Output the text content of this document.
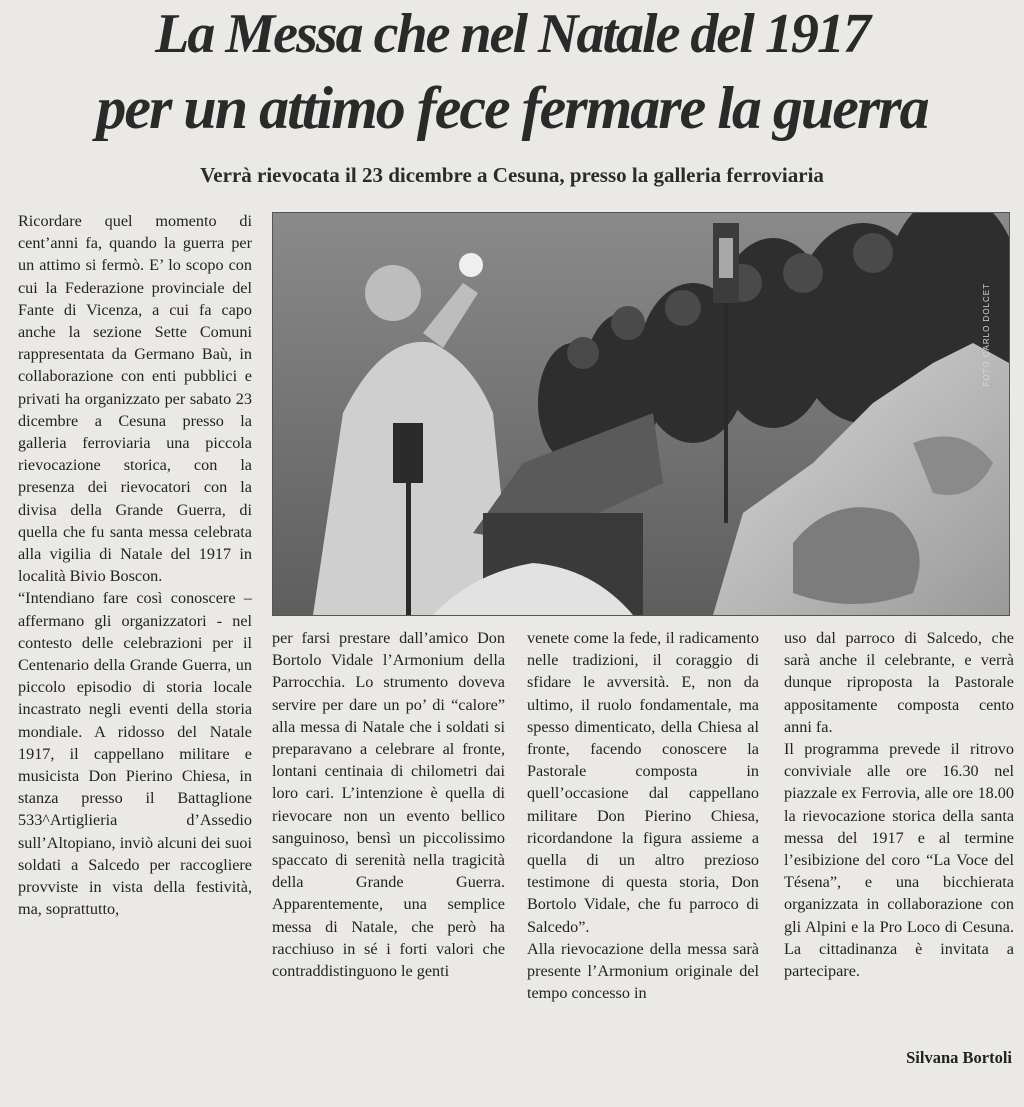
La Messa che nel Natale del 1917
per un attimo fece fermare la guerra
Verrà rievocata il 23 dicembre a Cesuna, presso la galleria ferroviaria

Ricordare quel momento di cent’anni fa, quando la guerra per un attimo si fermò. E’ lo scopo con cui la Federazione provinciale del Fante di Vicenza, a cui fa capo anche la sezione Sette Comuni rappresentata da Germano Baù, in collaborazione con enti pubblici e privati ha organizzato per sabato 23 dicembre a Cesuna presso la galleria ferroviaria una piccola rievocazione storica, con la presenza dei rievocatori con la divisa della Grande Guerra, di quella che fu santa messa celebrata alla vigilia di Natale del 1917 in località Bivio Boscon.

“Intendiano fare così conoscere – affermano gli organizzatori - nel contesto delle celebrazioni per il Centenario della Grande Guerra, un piccolo episodio di storia locale incastrato negli eventi della storia mondiale. A ridosso del Natale 1917, il cappellano militare e musicista Don Pierino Chiesa, in stanza presso il Battaglione 533^Artiglieria d’Assedio sull’Altopiano, inviò alcuni dei suoi soldati a Salcedo per raccogliere provviste in vista della festività, ma, soprattutto,

FOTO CARLO DOLCET

per farsi prestare dall’amico Don Bortolo Vidale l’Armonium della Parrocchia. Lo strumento doveva servire per dare un po’ di “calore” alla messa di Natale che i soldati si preparavano a celebrare al fronte, lontani centinaia di chilometri dai loro cari. L’intenzione è quella di rievocare non un evento bellico sanguinoso, bensì un piccolissimo spaccato di serenità nella tragicità della Grande Guerra. Apparentemente, una semplice messa di Natale, che però ha racchiuso in sé i forti valori che contraddistinguono le genti

venete come la fede, il radicamento nelle tradizioni, il coraggio di sfidare le avversità. E, non da ultimo, il ruolo fondamentale, ma spesso dimenticato, della Chiesa al fronte, facendo conoscere la Pastorale composta in quell’occasione dal cappellano militare Don Pierino Chiesa, ricordandone la figura assieme a quella di un altro prezioso testimone di questa storia, Don Bortolo Vidale, che fu parroco di Salcedo”.

Alla rievocazione della messa sarà presente l’Armonium originale del tempo concesso in

uso dal parroco di Salcedo, che sarà anche il celebrante, e verrà dunque riproposta la Pastorale appositamente composta cento anni fa.

Il programma prevede il ritrovo conviviale alle ore 16.30 nel piazzale ex Ferrovia, alle ore 18.00 la rievocazione storica della santa messa del 1917 e al termine l’esibizione del coro “La Voce del Tésena”, e una bicchierata organizzata in collaborazione con gli Alpini e la Pro Loco di Cesuna. La cittadinanza è invitata a partecipare.

Silvana Bortoli
